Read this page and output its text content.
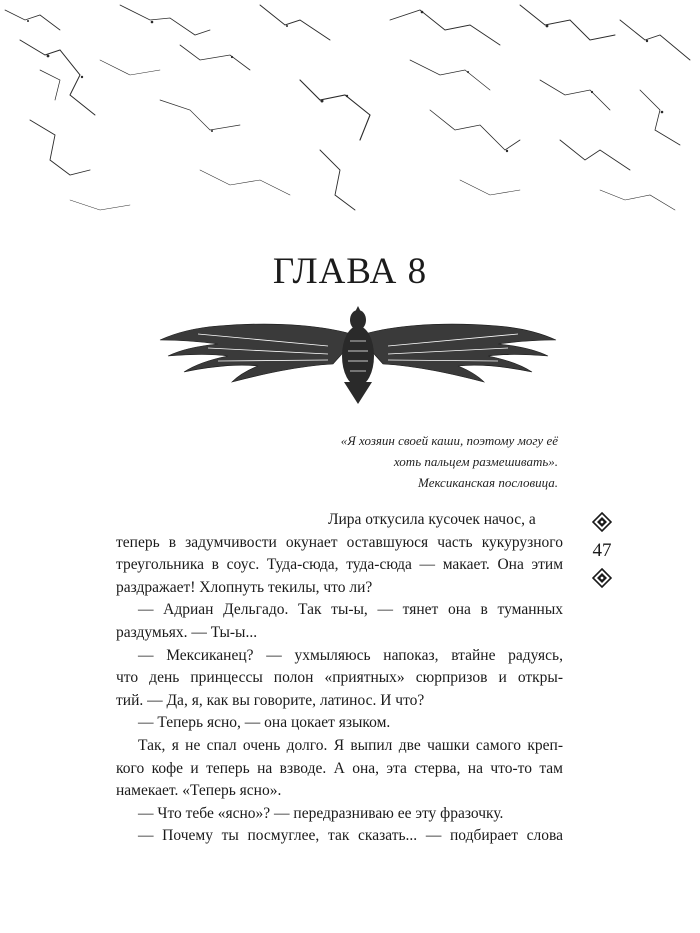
ГЛАВА 8
«Я хозяин своей каши, поэтому могу её
хоть пальцем размешивать».
Мексиканская пословица.
Лира откусила кусочек начос, а
теперь в задумчивости окунает оставшуюся часть кукурузного
треугольника в соус. Туда-сюда, туда-сюда — макает. Она этим
раздражает! Хлопнуть текилы, что ли?
— Адриан Дельгадо. Так ты-ы, — тянет она в туманных
раздумьях. — Ты-ы...
— Мексиканец? — ухмыляюсь напоказ, втайне радуясь,
что день принцессы полон «приятных» сюрпризов и откры-
тий. — Да, я, как вы говорите, латинос. И что?
— Теперь ясно, — она цокает языком.
Так, я не спал очень долго. Я выпил две чашки самого креп-
кого кофе и теперь на взводе. А она, эта стерва, на что-то там
намекает. «Теперь ясно».
— Что тебе «ясно»? — передразниваю ее эту фразочку.
— Почему ты посмуглее, так сказать... — подбирает слова
47
